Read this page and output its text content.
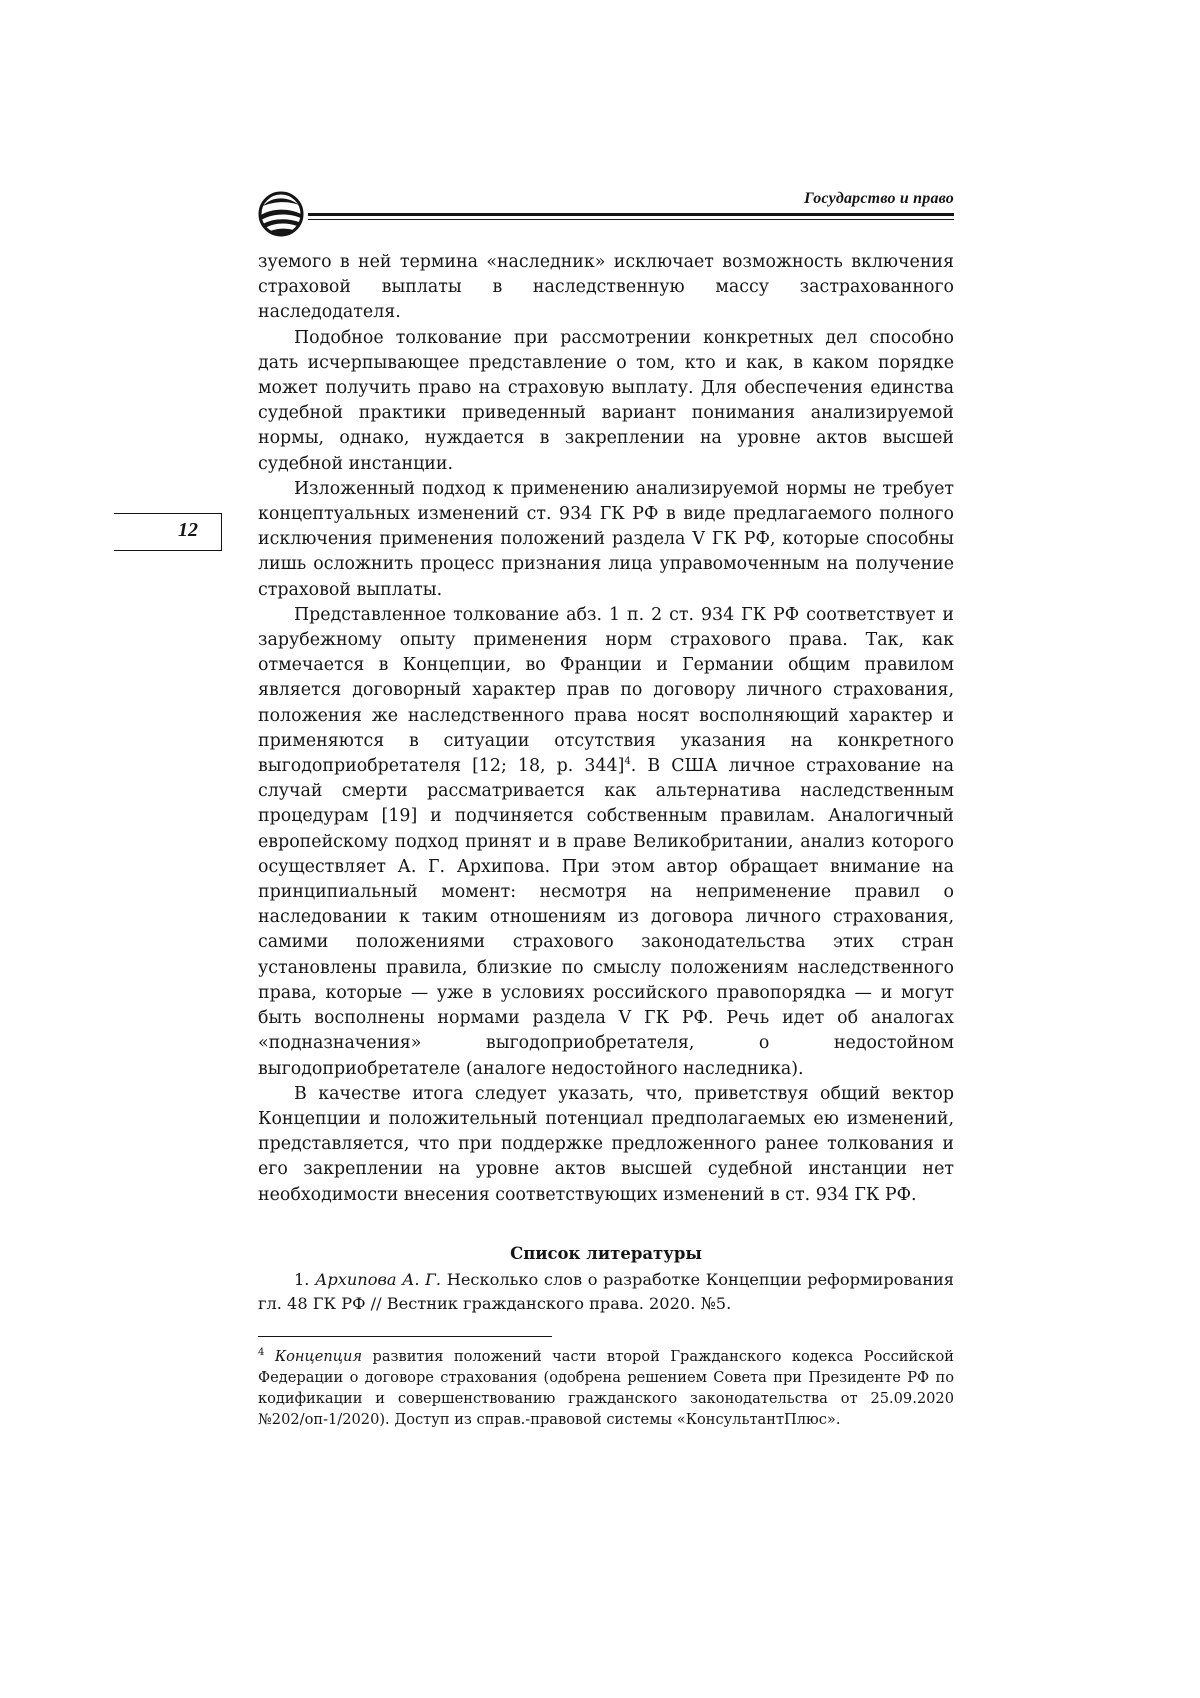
Государство и право
12

зуемого в ней термина «наследник» исключает возможность включения страховой выплаты в наследственную массу застрахованного наследодателя.

Подобное толкование при рассмотрении конкретных дел способно дать исчерпывающее представление о том, кто и как, в каком порядке может получить право на страховую выплату. Для обеспечения единства судебной практики приведенный вариант понимания анализируемой нормы, однако, нуждается в закреплении на уровне актов высшей судебной инстанции.

Изложенный подход к применению анализируемой нормы не требует концептуальных изменений ст. 934 ГК РФ в виде предлагаемого полного исключения применения положений раздела V ГК РФ, которые способны лишь осложнить процесс признания лица управомоченным на получение страховой выплаты.

Представленное толкование абз. 1 п. 2 ст. 934 ГК РФ соответствует и зарубежному опыту применения норм страхового права. Так, как отмечается в Концепции, во Франции и Германии общим правилом является договорный характер прав по договору личного страхования, положения же наследственного права носят восполняющий характер и применяются в ситуации отсутствия указания на конкретного выгодоприобретателя [12; 18, р. 344]$^4$. В США личное страхование на случай смерти рассматривается как альтернатива наследственным процедурам [19] и подчиняется собственным правилам. Аналогичный европейскому подход принят и в праве Великобритании, анализ которого осуществляет А. Г. Архипова. При этом автор обращает внимание на принципиальный момент: несмотря на неприменение правил о наследовании к таким отношениям из договора личного страхования, самими положениями страхового законодательства этих стран установлены правила, близкие по смыслу положениям наследственного права, которые — уже в условиях российского правопорядка — и могут быть восполнены нормами раздела V ГК РФ. Речь идет об аналогах «подназначения» выгодоприобретателя, о недостойном выгодоприобретателе (аналоге недостойного наследника).

В качестве итога следует указать, что, приветствуя общий вектор Концепции и положительный потенциал предполагаемых ею изменений, представляется, что при поддержке предложенного ранее толкования и его закреплении на уровне актов высшей судебной инстанции нет необходимости внесения соответствующих изменений в ст. 934 ГК РФ.

Список литературы
1. Архипова А. Г. Несколько слов о разработке Концепции реформирования гл. 48 ГК РФ // Вестник гражданского права. 2020. №5.
$^4$ Концепция развития положений части второй Гражданского кодекса Российской Федерации о договоре страхования (одобрена решением Совета при Президенте РФ по кодификации и совершенствованию гражданского законодательства от 25.09.2020 №202/оп-1/2020). Доступ из справ.-правовой системы «КонсультантПлюс».
